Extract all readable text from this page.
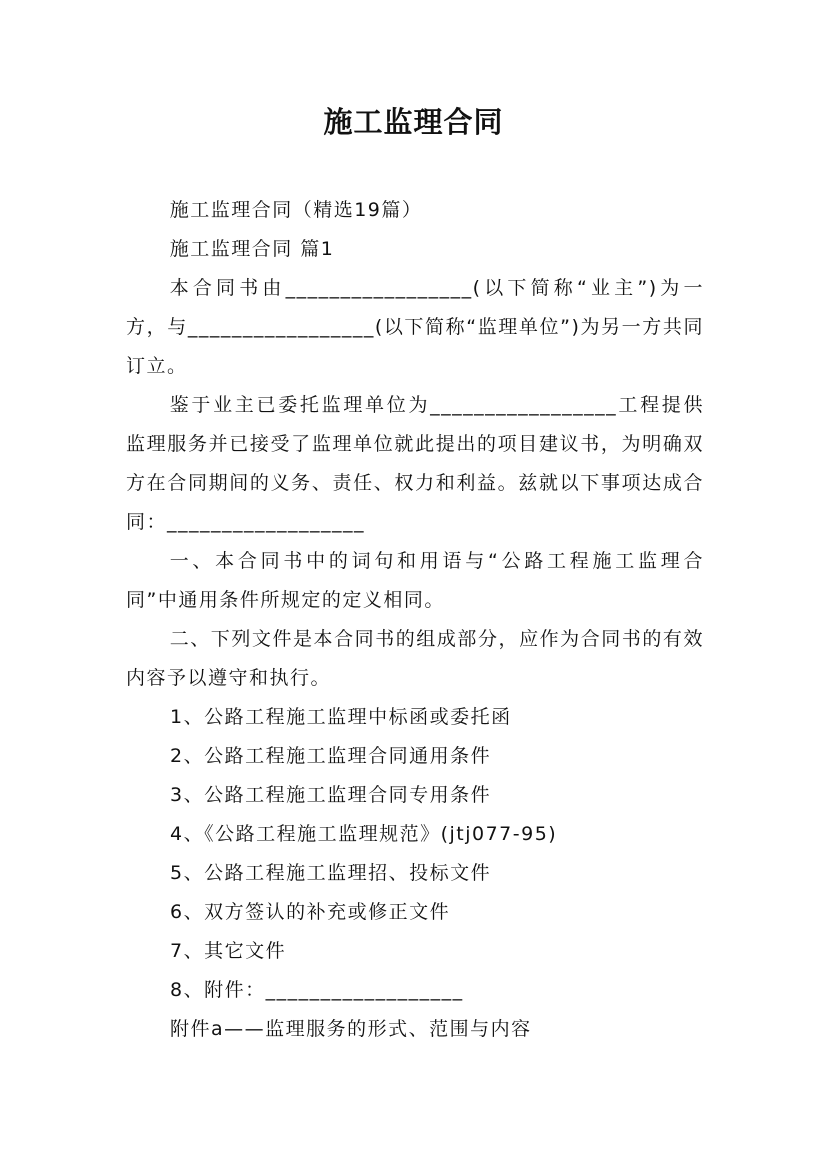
施工监理合同

施工监理合同（精选19篇）

施工监理合同 篇1

本合同书由_________________(以下简称“业主”)为一方，与_________________(以下简称“监理单位”)为另一方共同订立。

鉴于业主已委托监理单位为_________________工程提供监理服务并已接受了监理单位就此提出的项目建议书，为明确双方在合同期间的义务、责任、权力和利益。兹就以下事项达成合同：__________________

一、本合同书中的词句和用语与“公路工程施工监理合同”中通用条件所规定的定义相同。

二、下列文件是本合同书的组成部分，应作为合同书的有效内容予以遵守和执行。

1、公路工程施工监理中标函或委托函

2、公路工程施工监理合同通用条件

3、公路工程施工监理合同专用条件

4、《公路工程施工监理规范》(jtj077-95)

5、公路工程施工监理招、投标文件

6、双方签认的补充或修正文件

7、其它文件

8、附件：__________________

附件a——监理服务的形式、范围与内容
